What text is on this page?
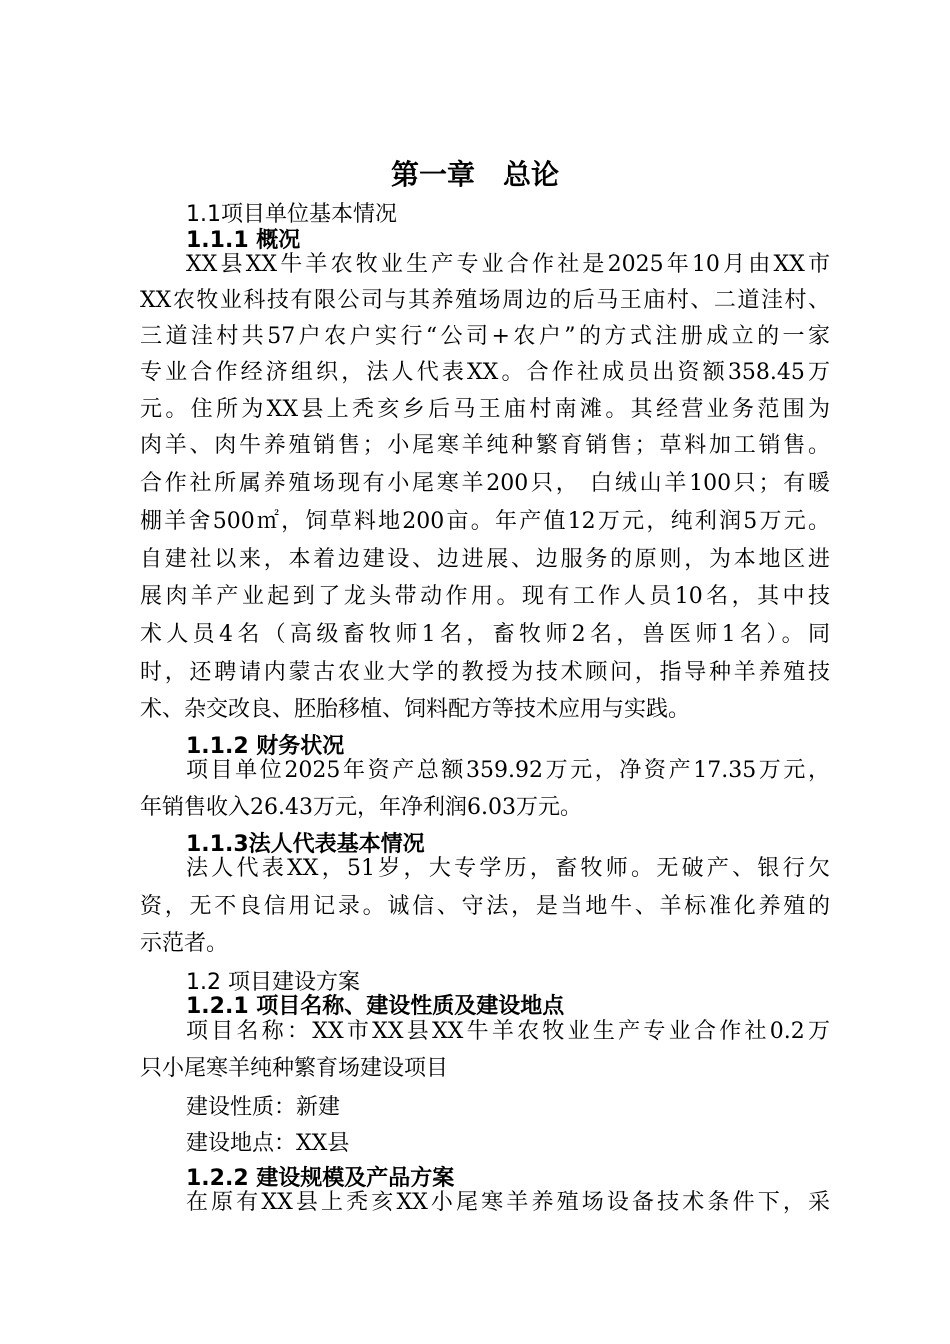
第一章　总论
1.1项目单位基本情况
1.1.1 概况
XX县XX牛羊农牧业生产专业合作社是2025年10月由XX市
XX农牧业科技有限公司与其养殖场周边的后马王庙村、二道洼村、
三道洼村共57户农户实行“公司+农户”的方式注册成立的一家
专业合作经济组织，法人代表XX。合作社成员出资额358.45万
元。住所为XX县上秃亥乡后马王庙村南滩。其经营业务范围为
肉羊、肉牛养殖销售；小尾寒羊纯种繁育销售；草料加工销售。
合作社所属养殖场现有小尾寒羊200只， 白绒山羊100只；有暖
棚羊舍500㎡，饲草料地200亩。年产值12万元，纯利润5万元。
自建社以来，本着边建设、边进展、边服务的原则，为本地区进
展肉羊产业起到了龙头带动作用。现有工作人员10名，其中技
术人员4名（高级畜牧师1名，畜牧师2名，兽医师1名）。同
时，还聘请内蒙古农业大学的教授为技术顾问，指导种羊养殖技
术、杂交改良、胚胎移植、饲料配方等技术应用与实践。
1.1.2 财务状况
项目单位2025年资产总额359.92万元，净资产17.35万元，
年销售收入26.43万元，年净利润6.03万元。
1.1.3法人代表基本情况
法人代表XX，51岁，大专学历，畜牧师。无破产、银行欠
资，无不良信用记录。诚信、守法，是当地牛、羊标准化养殖的
示范者。
1.2 项目建设方案
1.2.1 项目名称、建设性质及建设地点
项目名称：XX市XX县XX牛羊农牧业生产专业合作社0.2万
只小尾寒羊纯种繁育场建设项目
建设性质：新建
建设地点：XX县
1.2.2 建设规模及产品方案
在原有XX县上秃亥XX小尾寒羊养殖场设备技术条件下，采
